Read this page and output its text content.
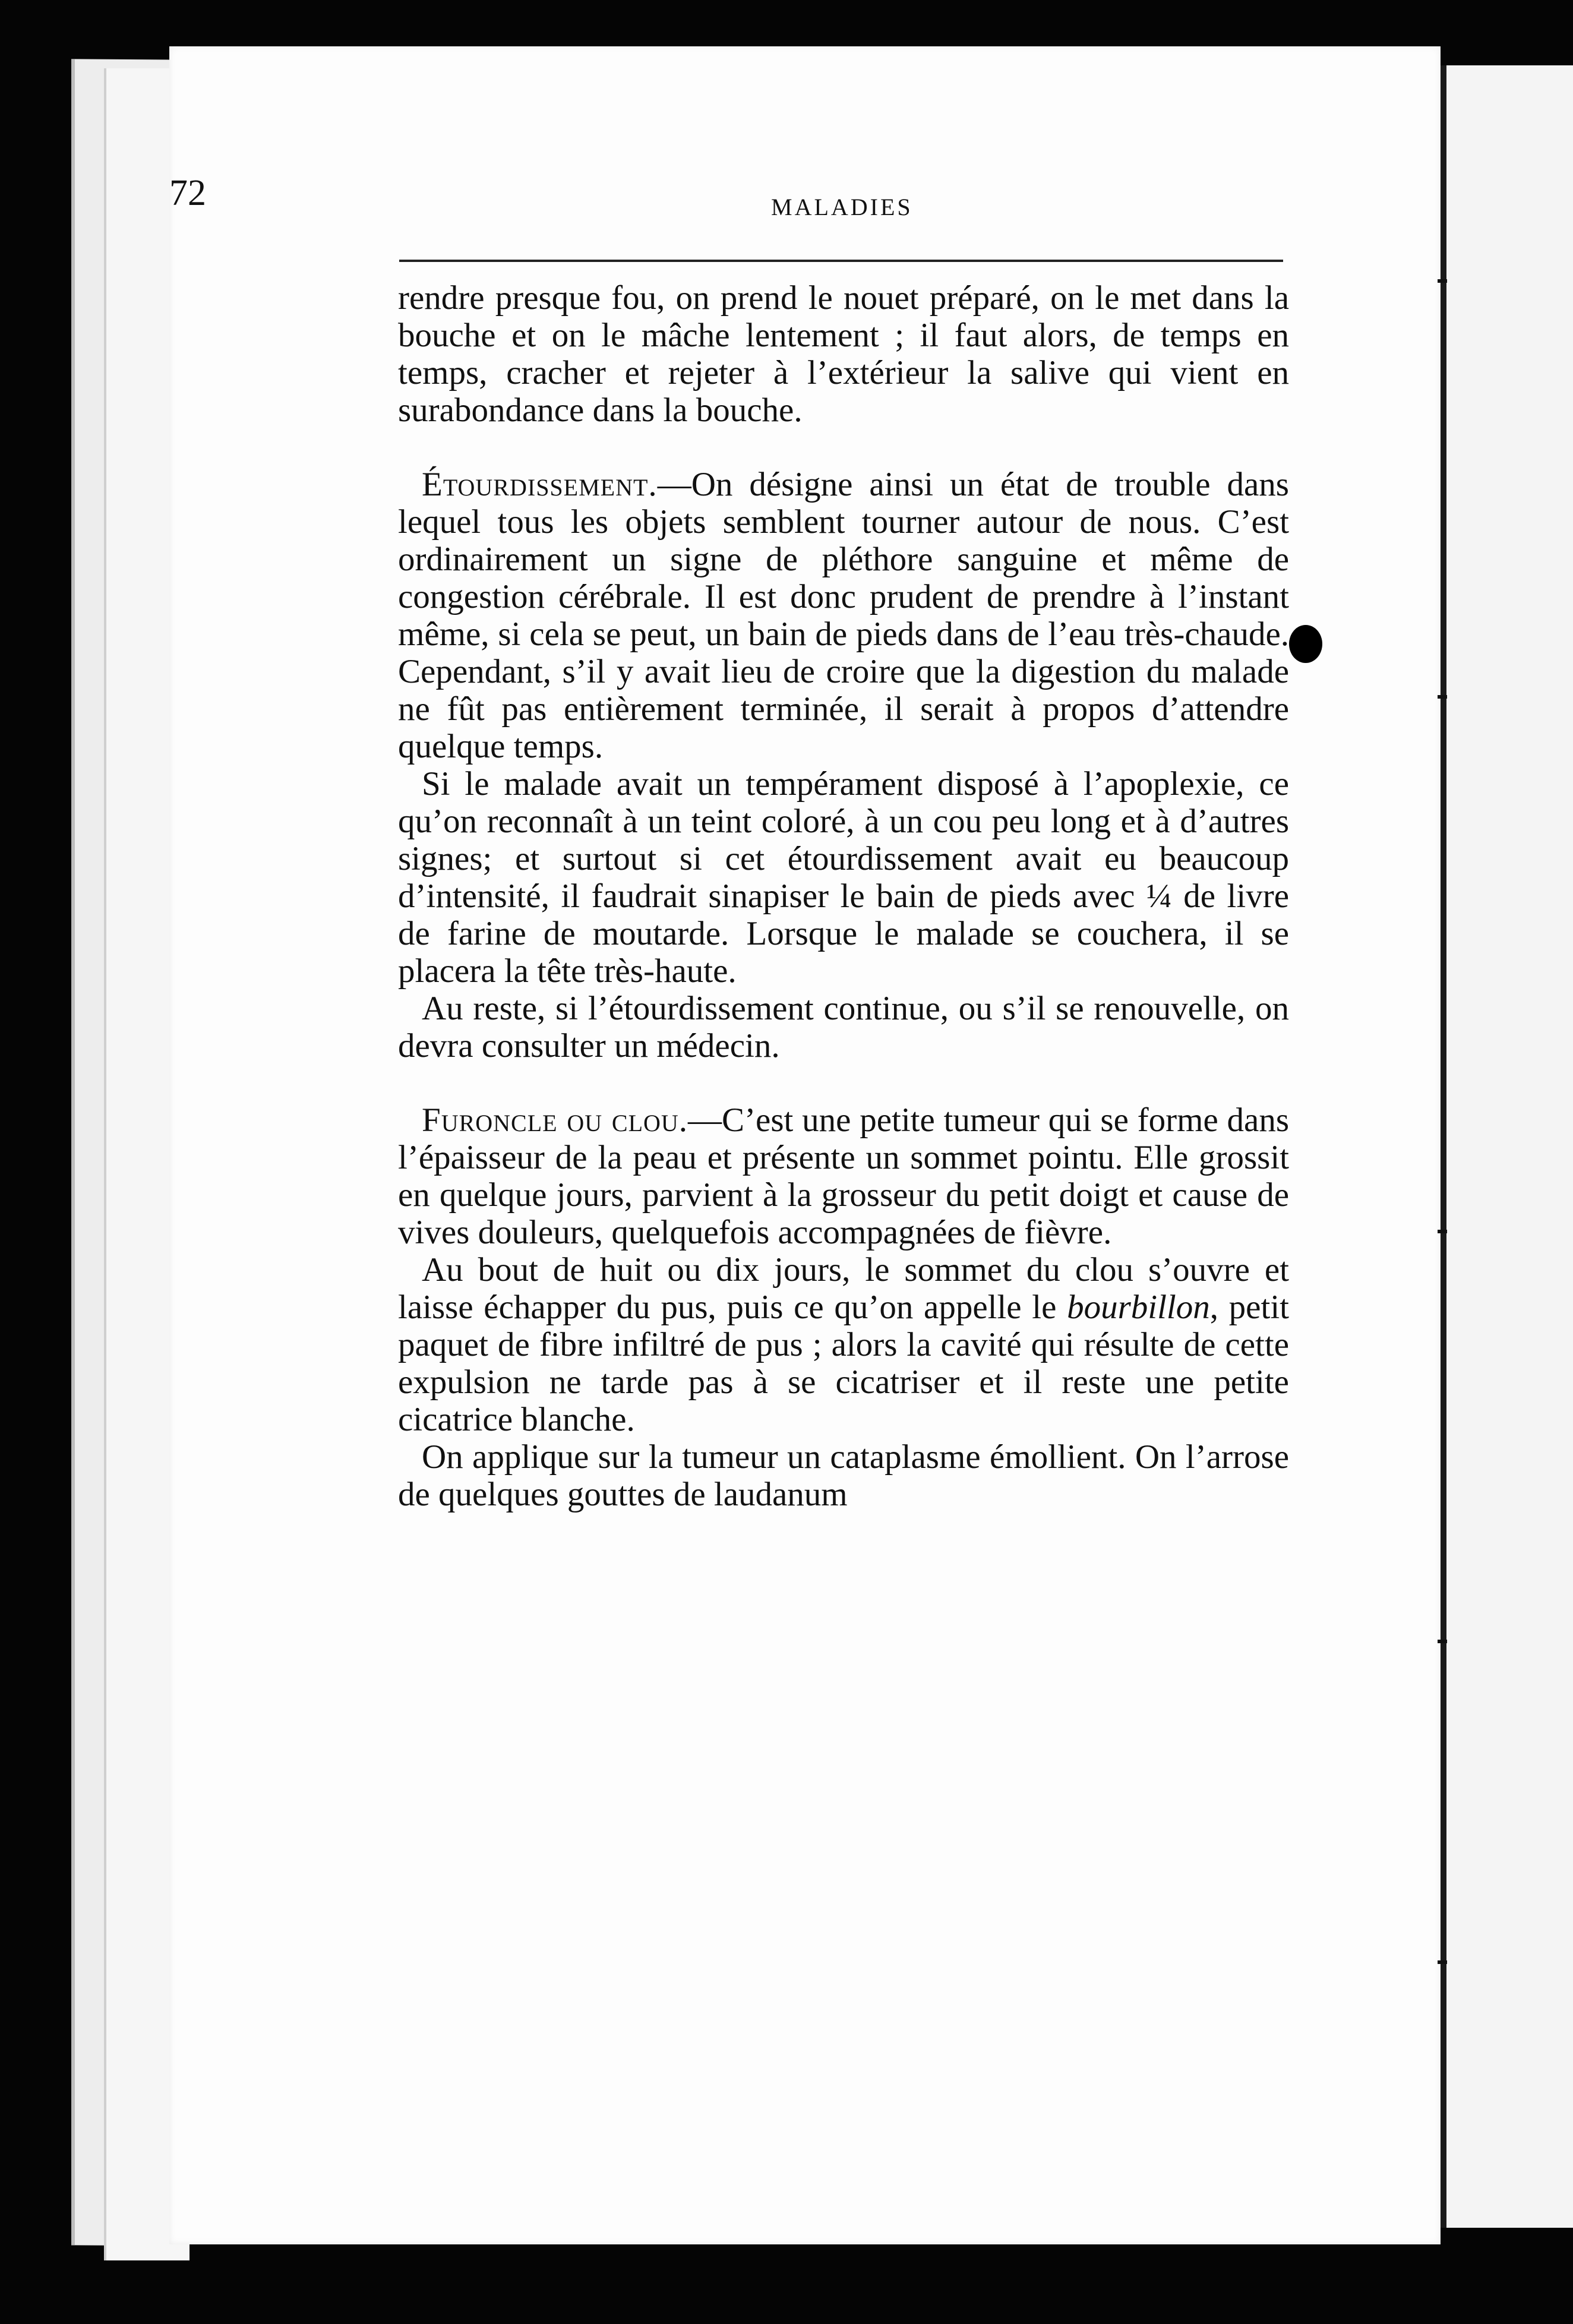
72	MALADIES

rendre presque fou, on prend le nouet préparé, on le met dans la bouche et on le mâche lentement ; il faut alors, de temps en temps, cracher et rejeter à l’extérieur la salive qui vient en surabondance dans la bouche.

Étourdissement.—On désigne ainsi un état de trouble dans lequel tous les objets semblent tourner autour de nous. C’est ordinairement un signe de pléthore sanguine et même de congestion cérébrale. Il est donc prudent de prendre à l’instant même, si cela se peut, un bain de pieds dans de l’eau très-chaude. Cependant, s’il y avait lieu de croire que la digestion du malade ne fût pas entièrement terminée, il serait à propos d’attendre quelque temps.

Si le malade avait un tempérament disposé à l’apoplexie, ce qu’on reconnaît à un teint coloré, à un cou peu long et à d’autres signes; et surtout si cet étourdissement avait eu beaucoup d’intensité, il faudrait sinapiser le bain de pieds avec ¼ de livre de farine de moutarde. Lorsque le malade se couchera, il se placera la tête très-haute.

Au reste, si l’étourdissement continue, ou s’il se renouvelle, on devra consulter un médecin.

Furoncle ou clou.—C’est une petite tumeur qui se forme dans l’épaisseur de la peau et présente un sommet pointu. Elle grossit en quelque jours, parvient à la grosseur du petit doigt et cause de vives douleurs, quelquefois accompagnées de fièvre.

Au bout de huit ou dix jours, le sommet du clou s’ouvre et laisse échapper du pus, puis ce qu’on appelle le bourbillon, petit paquet de fibre infiltré de pus ; alors la cavité qui résulte de cette expulsion ne tarde pas à se cicatriser et il reste une petite cicatrice blanche.

On applique sur la tumeur un cataplasme émollient. On l’arrose de quelques gouttes de laudanum
